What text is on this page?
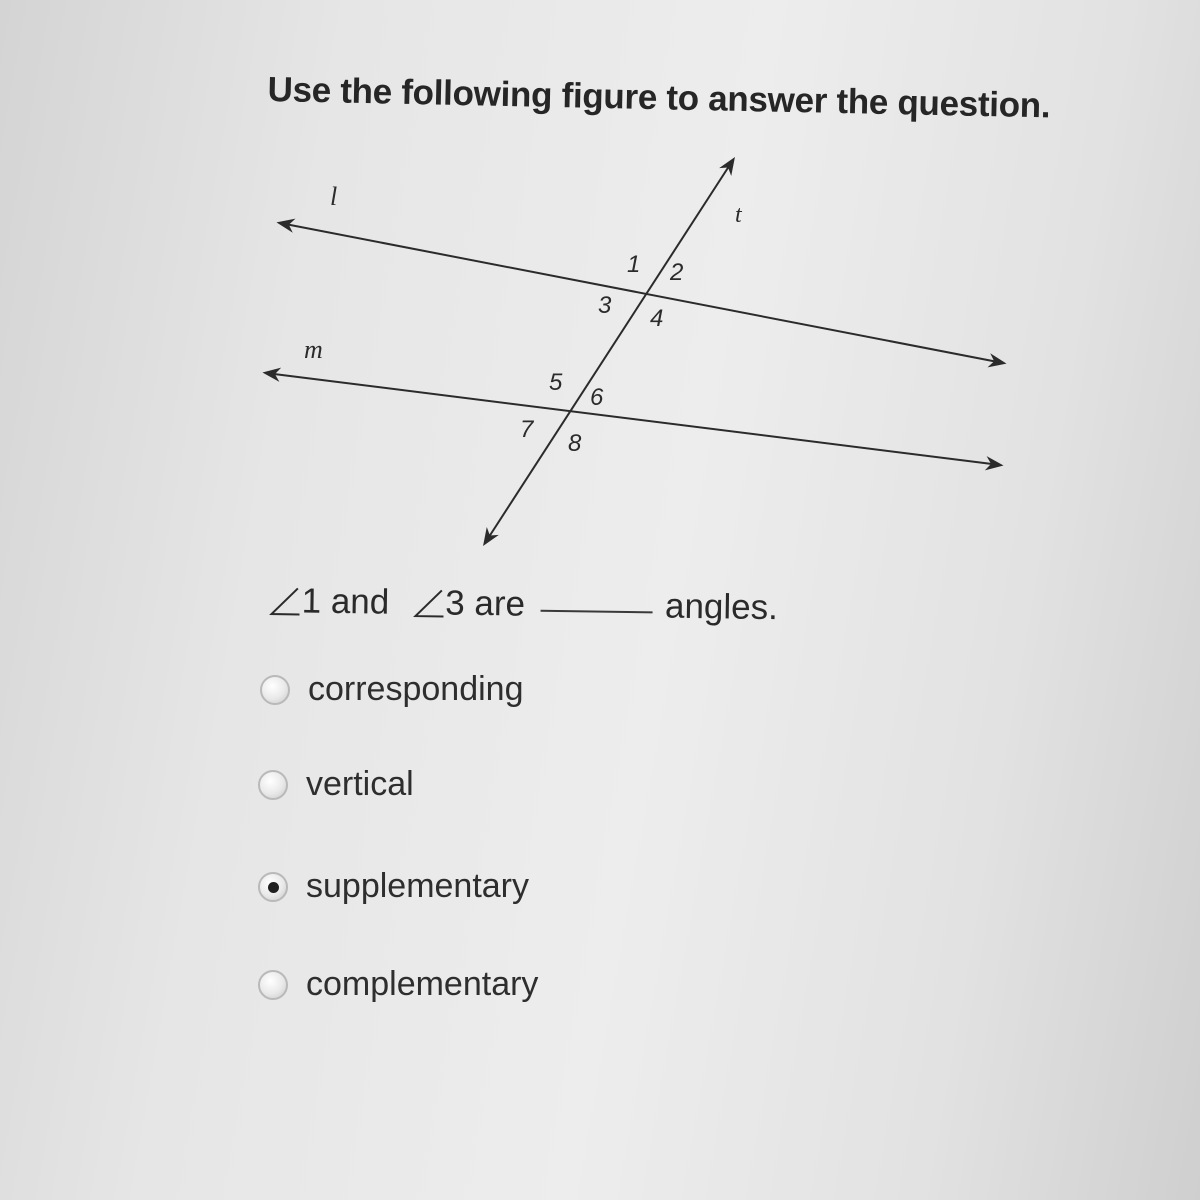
Use the following figure to answer the question.
l
m
t
1 2
3 4
5
6
7
8
1 and 3 are	angles.
corresponding
vertical
supplementary
complementary
